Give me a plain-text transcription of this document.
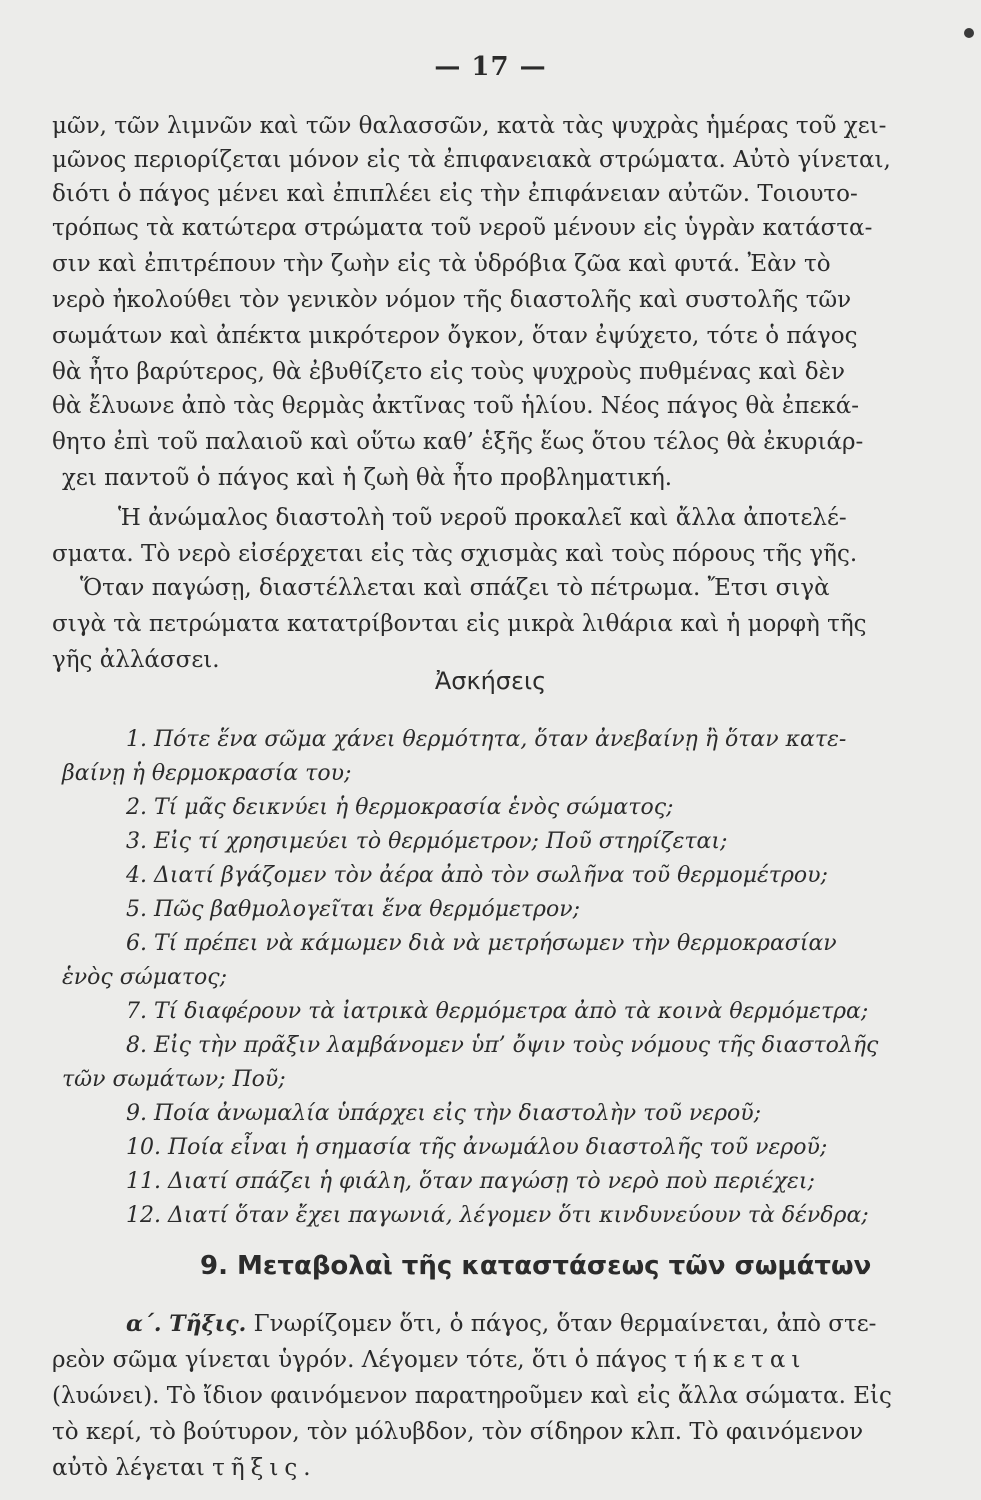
— 17 —
μῶν, τῶν λιμνῶν καὶ τῶν θαλασσῶν, κατὰ τὰς ψυχρὰς ἡμέρας τοῦ χει-
μῶνος περιορίζεται μόνον εἰς τὰ ἐπιφανειακὰ στρώματα. Αὐτὸ γίνεται,
διότι ὁ πάγος μένει καὶ ἐπιπλέει εἰς τὴν ἐπιφάνειαν αὐτῶν. Τοιουτο-
τρόπως τὰ κατώτερα στρώματα τοῦ νεροῦ μένουν εἰς ὑγρὰν κατάστα-
σιν καὶ ἐπιτρέπουν τὴν ζωὴν εἰς τὰ ὑδρόβια ζῶα καὶ φυτά. Ἐὰν τὸ
νερὸ ἠκολούθει τὸν γενικὸν νόμον τῆς διαστολῆς καὶ συστολῆς τῶν
σωμάτων καὶ ἀπέκτα μικρότερον ὄγκον, ὅταν ἐψύχετο, τότε ὁ πάγος
θὰ ἦτο βαρύτερος, θὰ ἐβυθίζετο εἰς τοὺς ψυχροὺς πυθμένας καὶ δὲν
θὰ ἔλυωνε ἀπὸ τὰς θερμὰς ἀκτῖνας τοῦ ἡλίου. Νέος πάγος θὰ ἐπεκά-
θητο ἐπὶ τοῦ παλαιοῦ καὶ οὕτω καθ’ ἑξῆς ἕως ὅτου τέλος θὰ ἐκυριάρ-
χει παντοῦ ὁ πάγος καὶ ἡ ζωὴ θὰ ἦτο προβληματική.
Ἡ ἀνώμαλος διαστολὴ τοῦ νεροῦ προκαλεῖ καὶ ἄλλα ἀποτελέ-
σματα. Τὸ νερὸ εἰσέρχεται εἰς τὰς σχισμὰς καὶ τοὺς πόρους τῆς γῆς.
Ὅταν παγώσῃ, διαστέλλεται καὶ σπάζει τὸ πέτρωμα. Ἔτσι σιγὰ
σιγὰ τὰ πετρώματα κατατρίβονται εἰς μικρὰ λιθάρια καὶ ἡ μορφὴ τῆς
γῆς ἀλλάσσει.
Ἀσκήσεις
1. Πότε ἕνα σῶμα χάνει θερμότητα, ὅταν ἀνεβαίνῃ ἢ ὅταν κατε-
βαίνῃ ἡ θερμοκρασία του;
2. Τί μᾶς δεικνύει ἡ θερμοκρασία ἑνὸς σώματος;
3. Εἰς τί χρησιμεύει τὸ θερμόμετρον; Ποῦ στηρίζεται;
4. Διατί βγάζομεν τὸν ἀέρα ἀπὸ τὸν σωλῆνα τοῦ θερμομέτρου;
5. Πῶς βαθμολογεῖται ἕνα θερμόμετρον;
6. Τί πρέπει νὰ κάμωμεν διὰ νὰ μετρήσωμεν τὴν θερμοκρασίαν
ἑνὸς σώματος;
7. Τί διαφέρουν τὰ ἰατρικὰ θερμόμετρα ἀπὸ τὰ κοινὰ θερμόμετρα;
8. Εἰς τὴν πρᾶξιν λαμβάνομεν ὑπ’ ὄψιν τοὺς νόμους τῆς διαστολῆς
τῶν σωμάτων; Ποῦ;
9. Ποία ἀνωμαλία ὑπάρχει εἰς τὴν διαστολὴν τοῦ νεροῦ;
10. Ποία εἶναι ἡ σημασία τῆς ἀνωμάλου διαστολῆς τοῦ νεροῦ;
11. Διατί σπάζει ἡ φιάλη, ὅταν παγώσῃ τὸ νερὸ ποὺ περιέχει;
12. Διατί ὅταν ἔχει παγωνιά, λέγομεν ὅτι κινδυνεύουν τὰ δένδρα;
9. Μεταβολαὶ τῆς καταστάσεως τῶν σωμάτων
α΄. Τῆξις. Γνωρίζομεν ὅτι, ὁ πάγος, ὅταν θερμαίνεται, ἀπὸ στε-
ρεὸν σῶμα γίνεται ὑγρόν. Λέγομεν τότε, ὅτι ὁ πάγος τήκεται
(λυώνει). Τὸ ἴδιον φαινόμενον παρατηροῦμεν καὶ εἰς ἄλλα σώματα. Εἰς
τὸ κερί, τὸ βούτυρον, τὸν μόλυβδον, τὸν σίδηρον κλπ. Τὸ φαινόμενον
αὐτὸ λέγεται τῆξις.
